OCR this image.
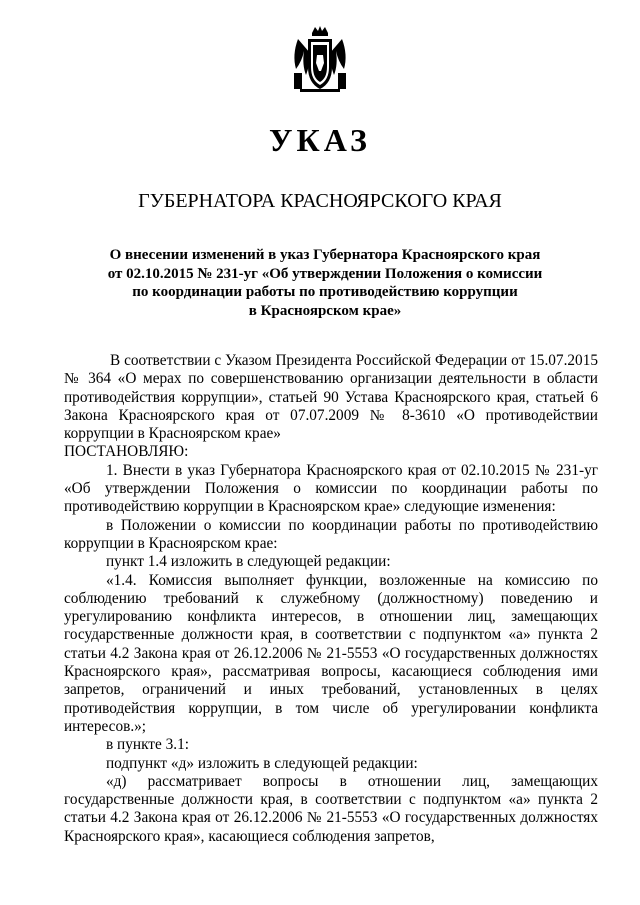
УКАЗ
ГУБЕРНАТОРА КРАСНОЯРСКОГО КРАЯ
О внесении изменений в указ Губернатора Красноярского края
от 02.10.2015 № 231-уг «Об утверждении Положения о комиссии
по координации работы по противодействию коррупции
в Красноярском крае»

В соответствии с Указом Президента Российской Федерации от 15.07.2015 № 364 «О мерах по совершенствованию организации деятельности в области противодействия коррупции», статьей 90 Устава Красноярского края, статьей 6 Закона Красноярского края от 07.07.2009 № 8-3610 «О противодействии коррупции в Красноярском крае»

ПОСТАНОВЛЯЮ:

1. Внести в указ Губернатора Красноярского края от 02.10.2015 № 231-уг «Об утверждении Положения о комиссии по координации работы по противодействию коррупции в Красноярском крае» следующие изменения:

в Положении о комиссии по координации работы по противодействию коррупции в Красноярском крае:

пункт 1.4 изложить в следующей редакции:

«1.4. Комиссия выполняет функции, возложенные на комиссию по соблюдению требований к служебному (должностному) поведению и урегулированию конфликта интересов, в отношении лиц, замещающих государственные должности края, в соответствии с подпунктом «а» пункта 2 статьи 4.2 Закона края от 26.12.2006 № 21-5553 «О государственных должностях Красноярского края», рассматривая вопросы, касающиеся соблюдения ими запретов, ограничений и иных требований, установленных в целях противодействия коррупции, в том числе об урегулировании конфликта интересов.»;

в пункте 3.1:

подпункт «д» изложить в следующей редакции:

«д) рассматривает вопросы в отношении лиц, замещающих государственные должности края, в соответствии с подпунктом «а» пункта 2 статьи 4.2 Закона края от 26.12.2006 № 21-5553 «О государственных должностях Красноярского края», касающиеся соблюдения запретов,
